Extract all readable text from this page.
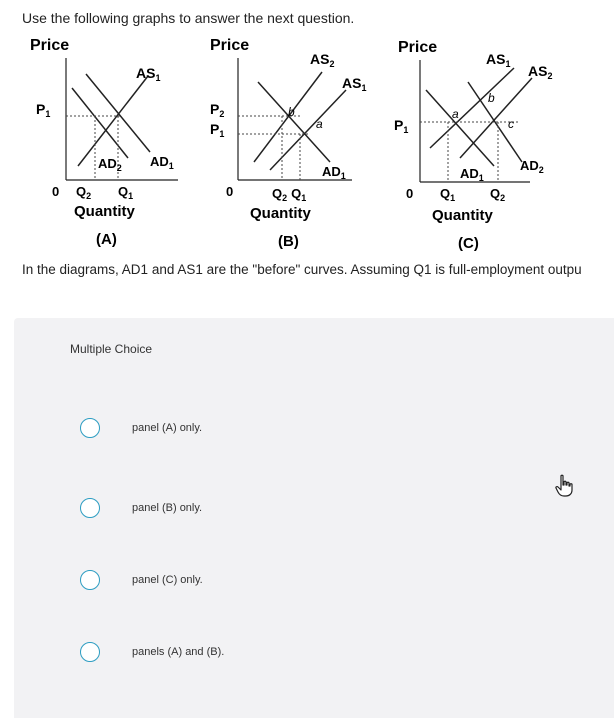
Use the following graphs to answer the next question.
Price
$P_1$
$AS_1$
$AD_2$ $AD_1$
0 $Q_2$ $Q_1$
Quantity
(A)
Price
$P_2$
$P_1$
$AS_2$
$AS_1$
$AD_1$
b
a
0	$Q_2$ $Q_1$
Quantity
(B)
Price
$P_1$
$AS_1$ $AS_2$
$AD_1$
$AD_2$
a
b
c
0 $Q_1$	$Q_2$
Quantity
(C)
In the diagrams, AD1 and AS1 are the "before" curves. Assuming Q1 is full-employment outpu
Multiple Choice
panel (A) only.
panel (B) only.
panel (C) only.
panels (A) and (B).
